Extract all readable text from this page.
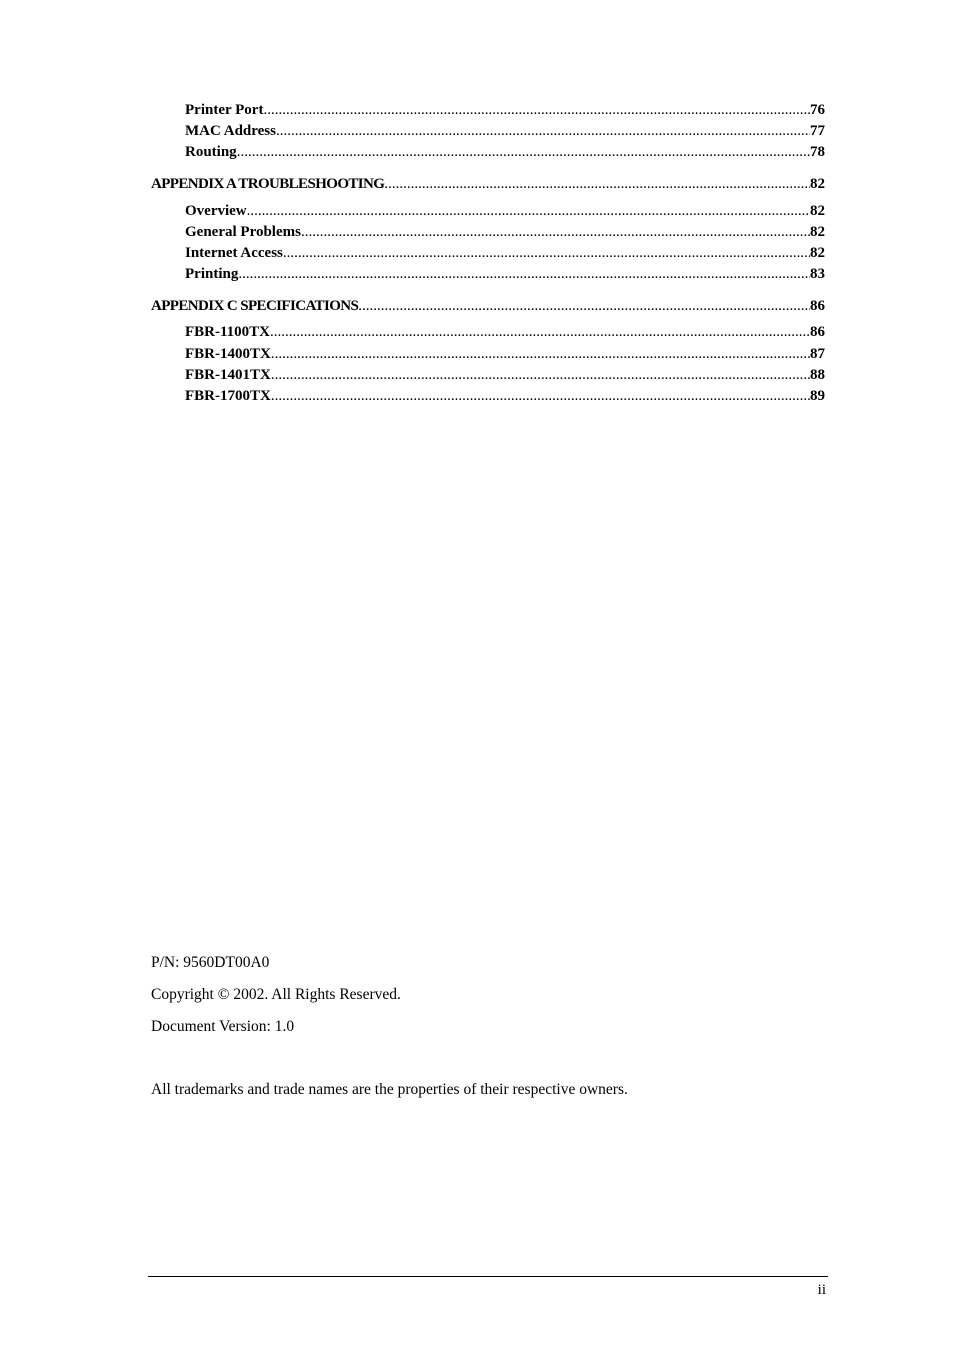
Printer Port .....	76
MAC Address .....	77
Routing .....	78
APPENDIX A TROUBLESHOOTING .....	82
Overview .....	82
General Problems .....	82
Internet Access .....	82
Printing .....	83
APPENDIX C SPECIFICATIONS .....	86
FBR-1100TX .....	86
FBR-1400TX .....	87
FBR-1401TX .....	88
FBR-1700TX .....	89
P/N: 9560DT00A0
Copyright © 2002. All Rights Reserved.
Document Version: 1.0
All trademarks and trade names are the properties of their respective owners.
ii
